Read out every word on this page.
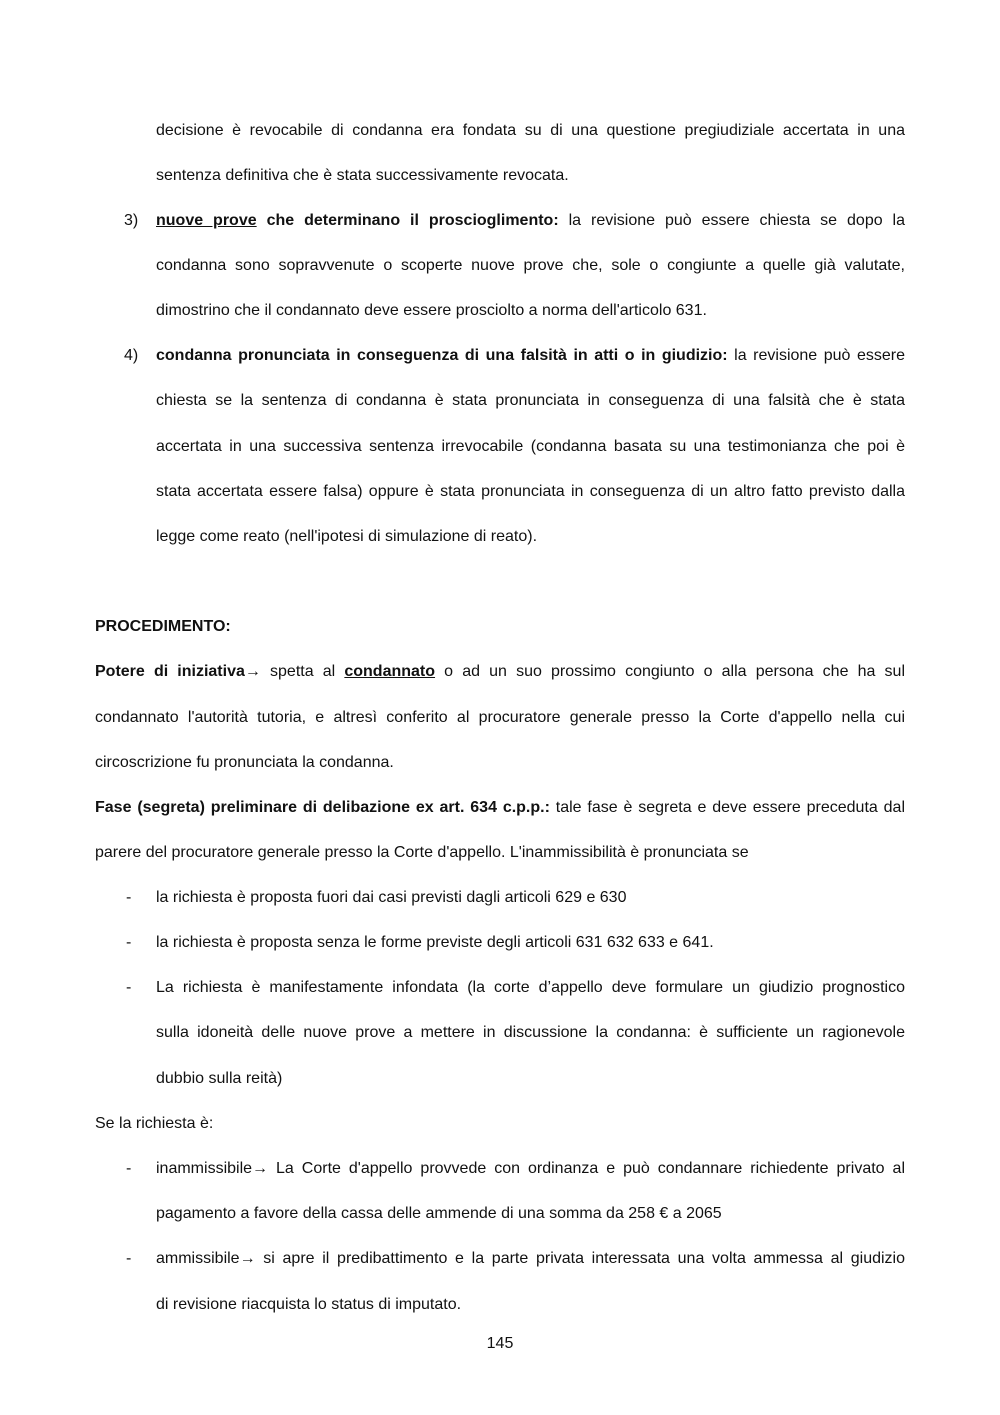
decisione è revocabile di condanna era fondata su di una questione pregiudiziale accertata in una
sentenza definitiva che è stata successivamente revocata.
3) nuove prove che determinano il proscioglimento: la revisione può essere chiesta se dopo la
condanna sono sopravvenute o scoperte nuove prove che, sole o congiunte a quelle già valutate,
dimostrino che il condannato deve essere prosciolto a norma dell'articolo 631.
4) condanna pronunciata in conseguenza di una falsità in atti o in giudizio: la revisione può essere
chiesta se la sentenza di condanna è stata pronunciata in conseguenza di una falsità che è stata
accertata in una successiva sentenza irrevocabile (condanna basata su una testimonianza che poi è
stata accertata essere falsa) oppure è stata pronunciata in conseguenza di un altro fatto previsto dalla
legge come reato (nell'ipotesi di simulazione di reato).
PROCEDIMENTO:
Potere di iniziativa→ spetta al condannato o ad un suo prossimo congiunto o alla persona che ha sul
condannato l'autorità tutoria, e altresì conferito al procuratore generale presso la Corte d'appello nella cui
circoscrizione fu pronunciata la condanna.
Fase (segreta) preliminare di delibazione ex art. 634 c.p.p.: tale fase è segreta e deve essere preceduta dal
parere del procuratore generale presso la Corte d'appello. L'inammissibilità è pronunciata se
- la richiesta è proposta fuori dai casi previsti dagli articoli 629 e 630
- la richiesta è proposta senza le forme previste degli articoli 631 632 633 e 641.
- La richiesta è manifestamente infondata (la corte d’appello deve formulare un giudizio prognostico
sulla idoneità delle nuove prove a mettere in discussione la condanna: è sufficiente un ragionevole
dubbio sulla reità)
Se la richiesta è:
- inammissibile→ La Corte d'appello provvede con ordinanza e può condannare richiedente privato al
pagamento a favore della cassa delle ammende di una somma da 258 € a 2065
- ammissibile→ si apre il predibattimento e la parte privata interessata una volta ammessa al giudizio
di revisione riacquista lo status di imputato.
145
